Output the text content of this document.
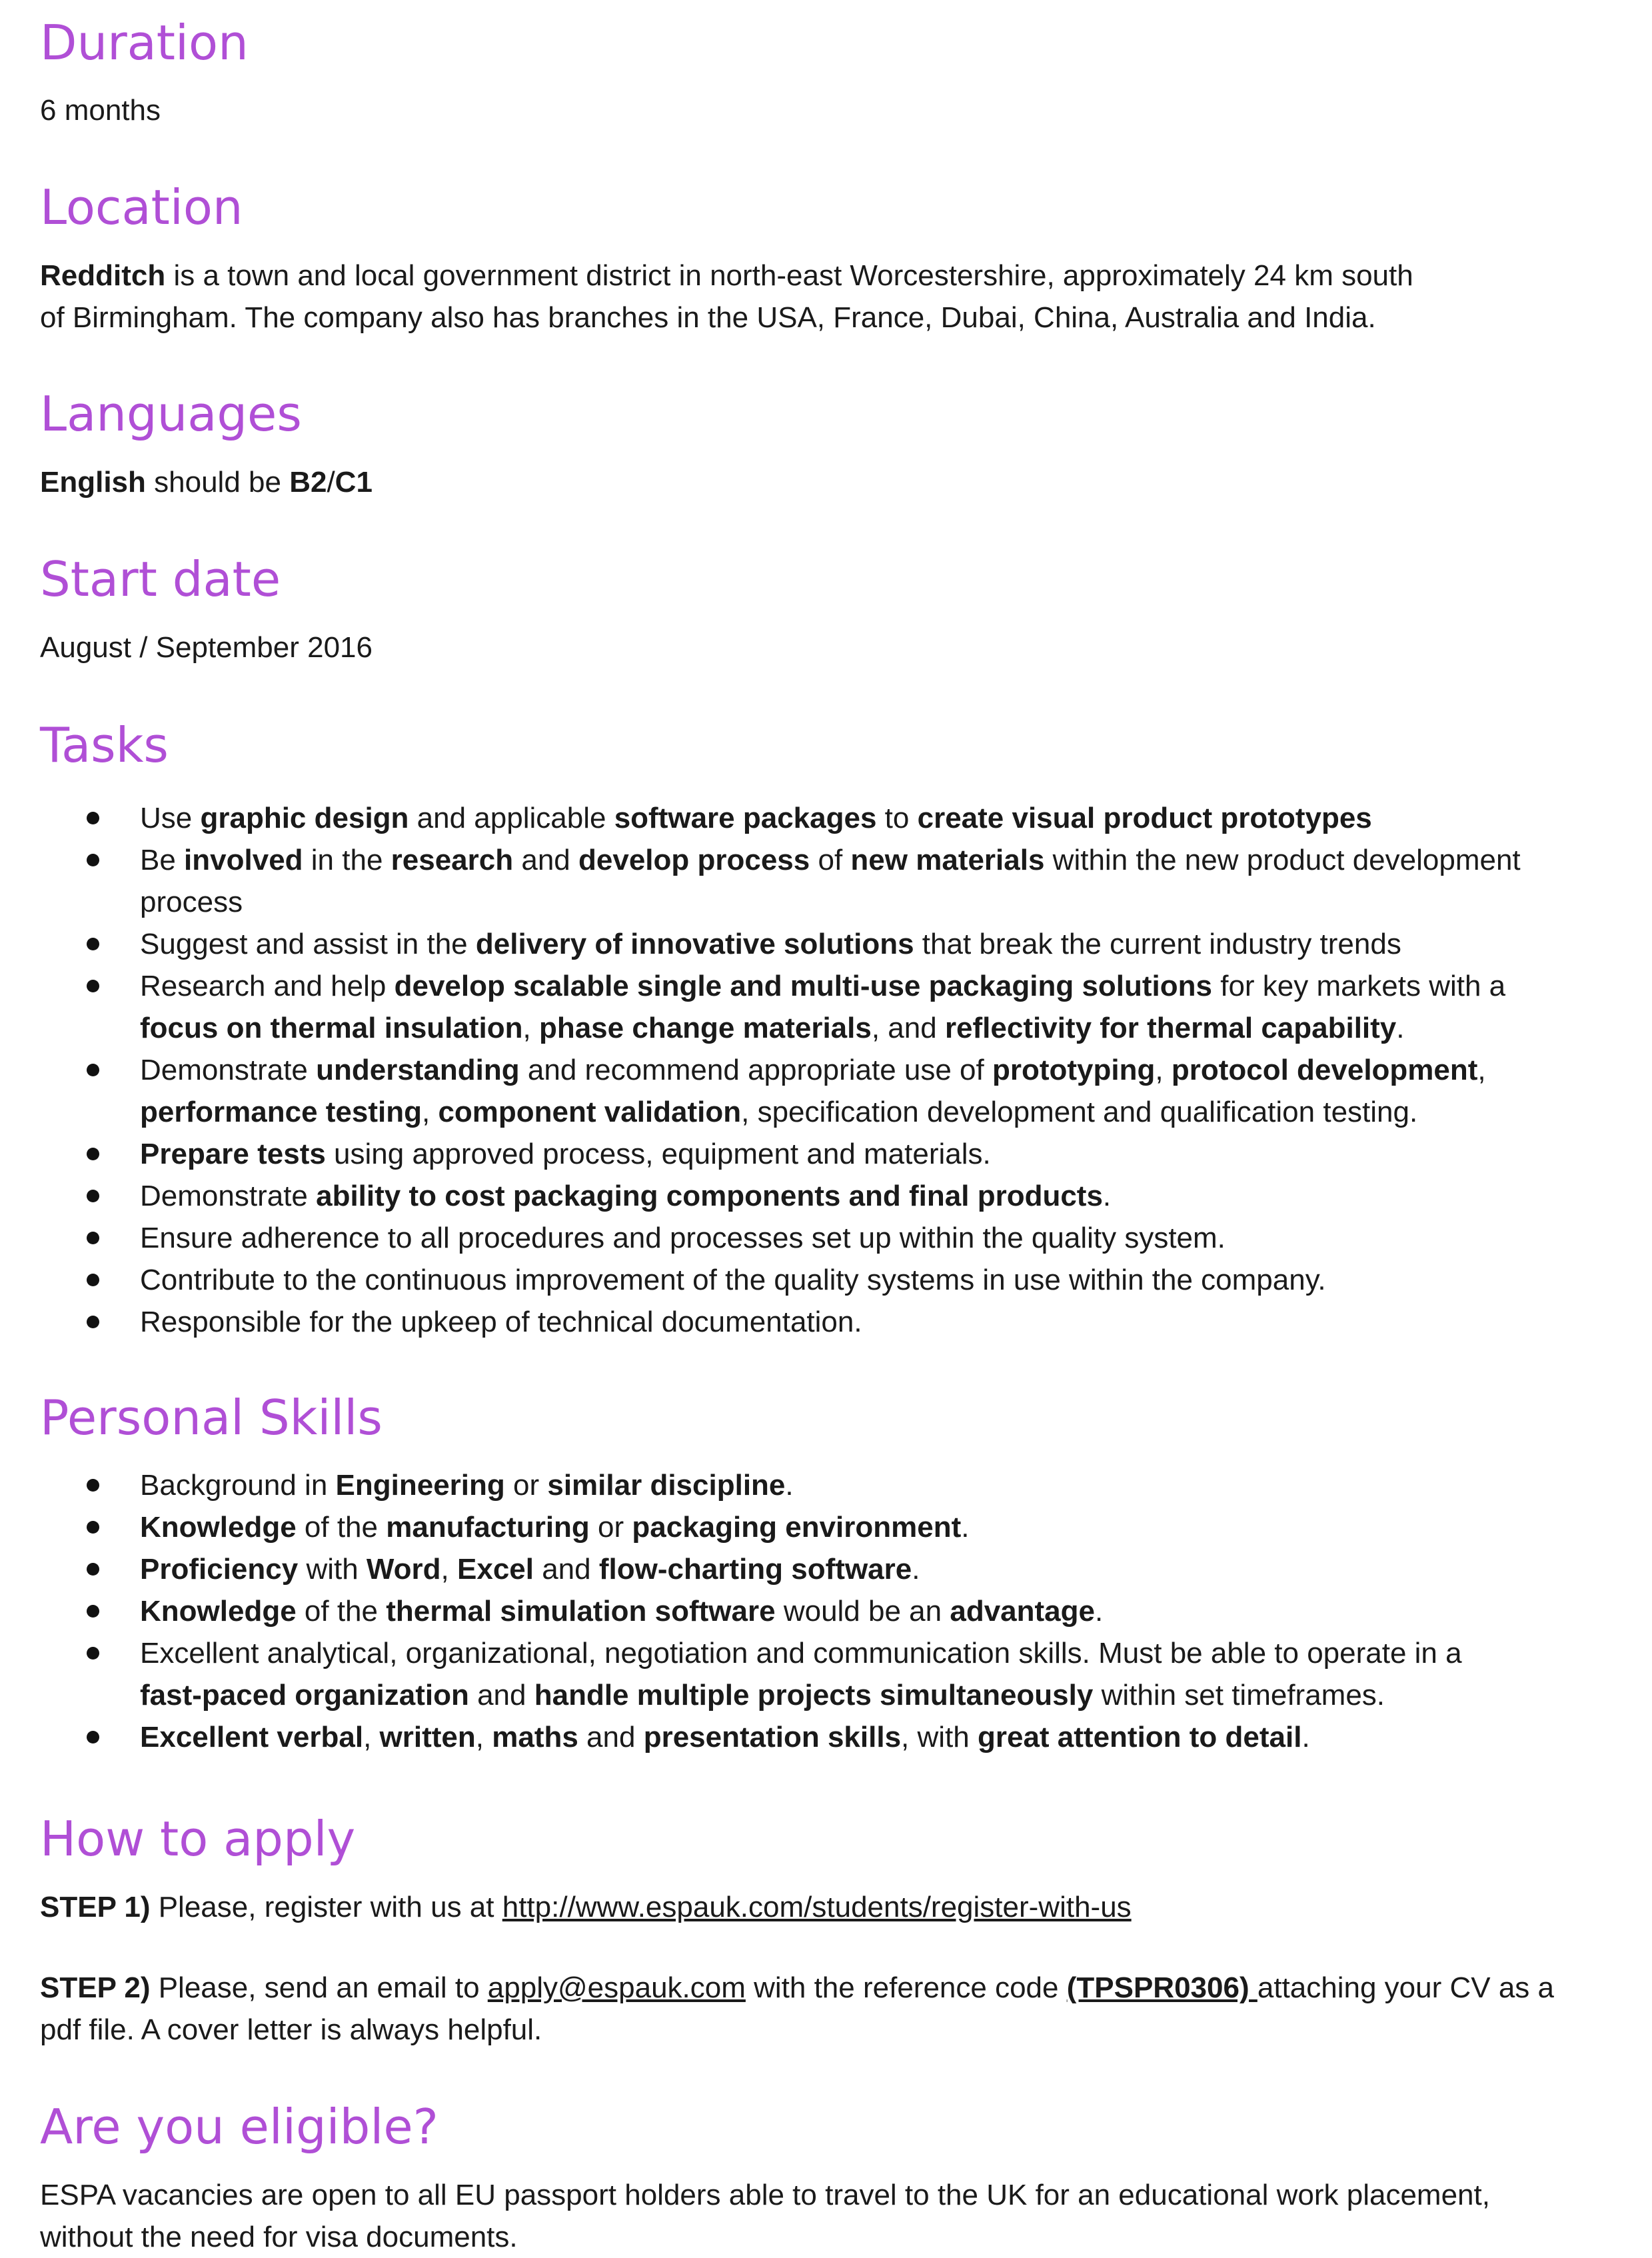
Duration

6 months

Location

Redditch is a town and local government district in north-east Worcestershire, approximately 24 km south
of Birmingham. The company also has branches in the USA, France, Dubai, China, Australia and India.

Languages

English should be B2/C1

Start date

August / September 2016

Tasks

Use graphic design and applicable software packages to create visual product prototypes

Be involved in the research and develop process of new materials within the new product development
process

Suggest and assist in the delivery of innovative solutions that break the current industry trends

Research and help develop scalable single and multi-use packaging solutions for key markets with a
focus on thermal insulation, phase change materials, and reflectivity for thermal capability.

Demonstrate understanding and recommend appropriate use of prototyping, protocol development,
performance testing, component validation, specification development and qualification testing.

Prepare tests using approved process, equipment and materials.

Demonstrate ability to cost packaging components and final products.

Ensure adherence to all procedures and processes set up within the quality system.

Contribute to the continuous improvement of the quality systems in use within the company.

Responsible for the upkeep of technical documentation.

Personal Skills

Background in Engineering or similar discipline.

Knowledge of the manufacturing or packaging environment.

Proficiency with Word, Excel and flow-charting software.

Knowledge of the thermal simulation software would be an advantage.

Excellent analytical, organizational, negotiation and communication skills. Must be able to operate in a
fast-paced organization and handle multiple projects simultaneously within set timeframes.

Excellent verbal, written, maths and presentation skills, with great attention to detail.

How to apply

STEP 1) Please, register with us at http://www.espauk.com/students/register-with-us

STEP 2) Please, send an email to apply@espauk.com with the reference code (TPSPR0306) attaching your CV as a
pdf file. A cover letter is always helpful.

Are you eligible?

ESPA vacancies are open to all EU passport holders able to travel to the UK for an educational work placement,
without the need for visa documents.
